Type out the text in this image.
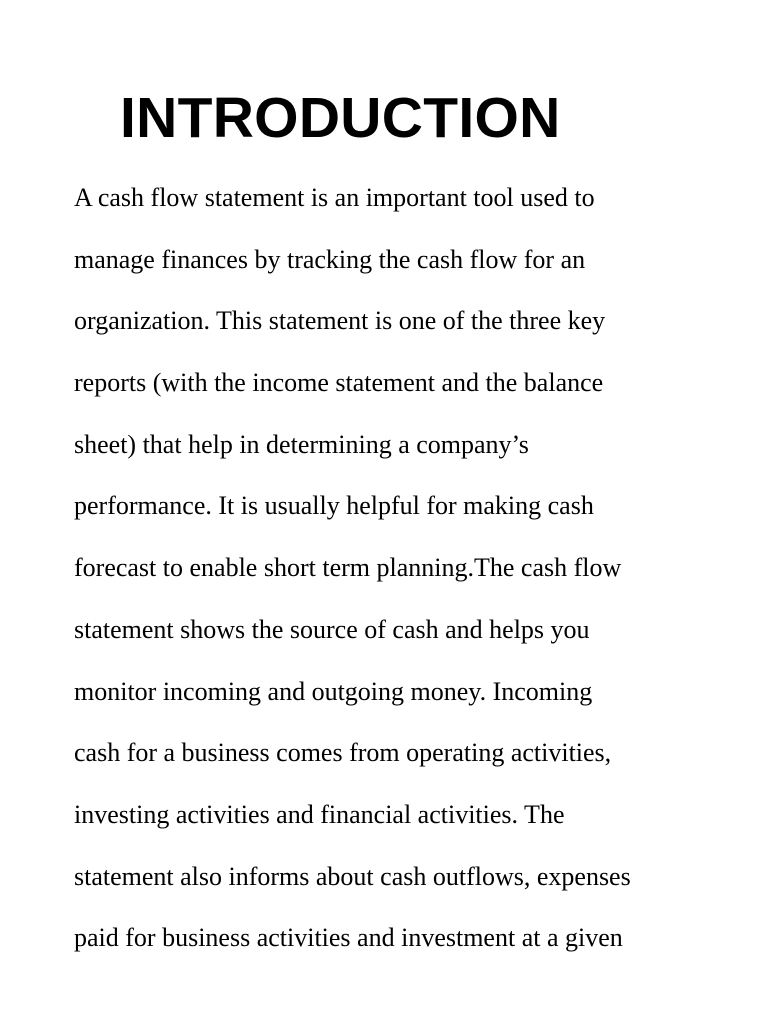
INTRODUCTION
A cash flow statement is an important tool used to
manage finances by tracking the cash flow for an
organization. This statement is one of the three key
reports (with the income statement and the balance
sheet) that help in determining a company’s
performance. It is usually helpful for making cash
forecast to enable short term planning.The cash flow
statement shows the source of cash and helps you
monitor incoming and outgoing money. Incoming
cash for a business comes from operating activities,
investing activities and financial activities. The
statement also informs about cash outflows, expenses
paid for business activities and investment at a given
